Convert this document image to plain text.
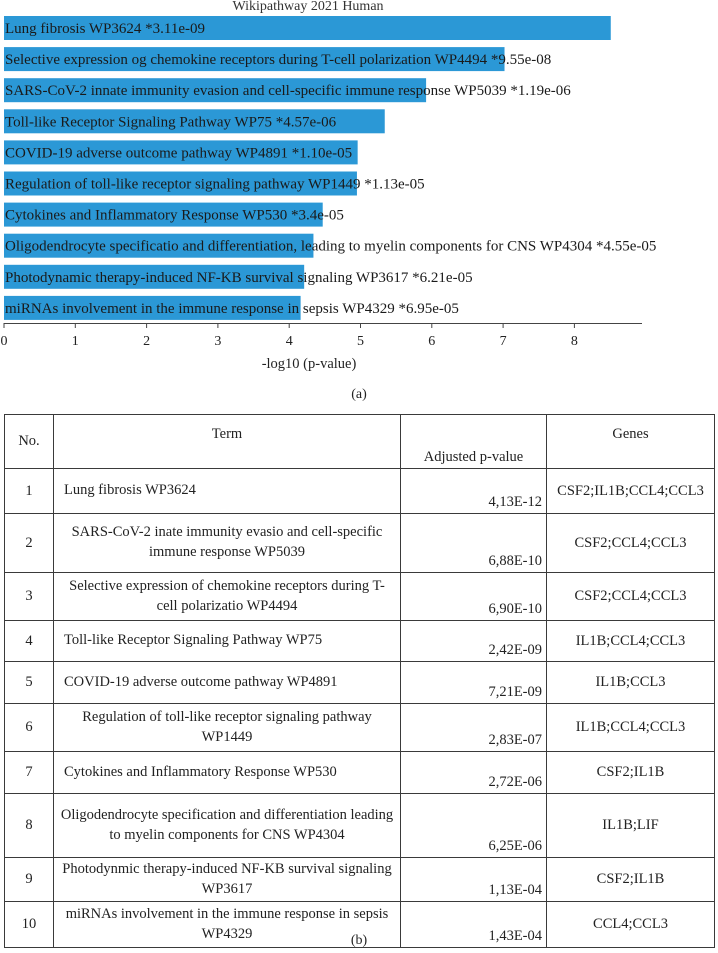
Wikipathway 2021 Human
Lung fibrosis WP3624 *3.11e-09
Selective expression og chemokine receptors during T-cell polarization WP4494 *9.55e-08
SARS-CoV-2 innate immunity evasion and cell-specific immune response WP5039 *1.19e-06
Toll-like Receptor Signaling Pathway WP75 *4.57e-06
COVID-19 adverse outcome pathway WP4891 *1.10e-05
Regulation of toll-like receptor signaling pathway WP1449 *1.13e-05
Cytokines and Inflammatory Response WP530 *3.4e-05
Oligodendrocyte specificatio and differentiation, leading to myelin components for CNS WP4304 *4.55e-05
Photodynamic therapy-induced NF-KB survival signaling WP3617 *6.21e-05
miRNAs involvement in the immune response in sepsis WP4329 *6.95e-05
0	1	2	3	4	5	6	7	8
-log10 (p-value)
(a)
No.	Term	Adjusted p-value	Genes
1	Lung fibrosis WP3624	4,13E-12	CSF2;IL1B;CCL4;CCL3
2	SARS-CoV-2 inate immunity evasio and cell-specific immune response WP5039	6,88E-10	CSF2;CCL4;CCL3
3	Selective expression of chemokine receptors during T-cell polarizatio WP4494	6,90E-10	CSF2;CCL4;CCL3
4	Toll-like Receptor Signaling Pathway WP75	2,42E-09	IL1B;CCL4;CCL3
5	COVID-19 adverse outcome pathway WP4891	7,21E-09	IL1B;CCL3
6	Regulation of toll-like receptor signaling pathway WP1449	2,83E-07	IL1B;CCL4;CCL3
7	Cytokines and Inflammatory Response WP530	2,72E-06	CSF2;IL1B
8	Oligodendrocyte specification and differentiation leading to myelin components for CNS WP4304	6,25E-06	IL1B;LIF
9	Photodynmic therapy-induced NF-KB survival signaling WP3617	1,13E-04	CSF2;IL1B
10	miRNAs involvement in the immune response in sepsis WP4329	1,43E-04	CCL4;CCL3
(b)
